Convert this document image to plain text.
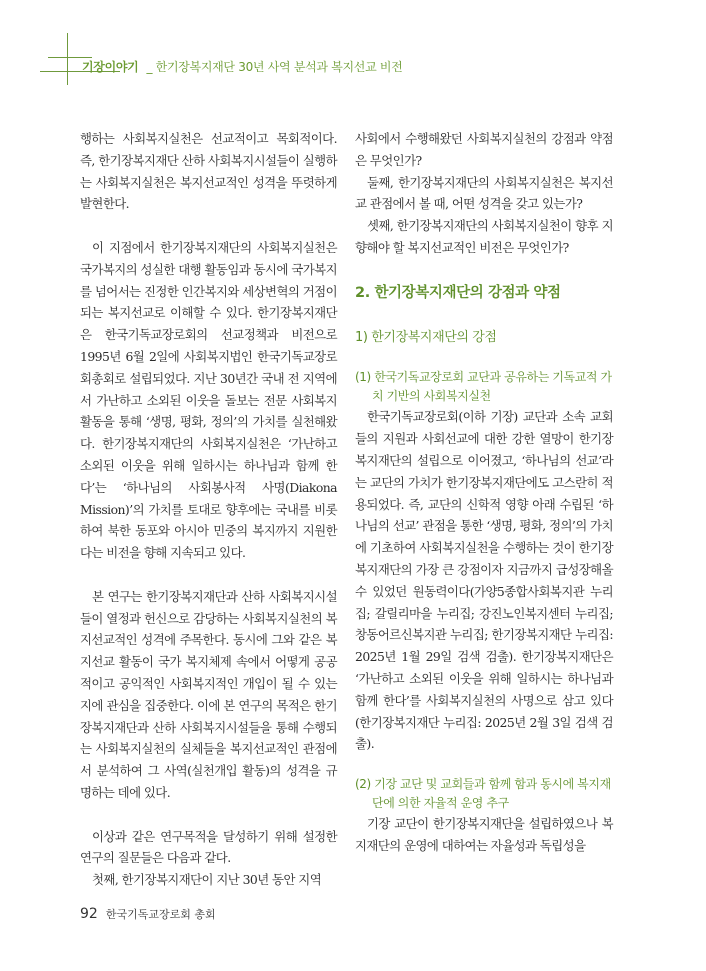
기장이야기 _ 한기장복지재단 30년 사역 분석과 복지선교 비전

행하는 사회복지실천은 선교적이고 목회적이다. 즉, 한기장복지재단 산하 사회복지시설들이 실행하는 사회복지실천은 복지선교적인 성격을 뚜렷하게 발현한다.

이 지점에서 한기장복지재단의 사회복지실천은 국가복지의 성실한 대행 활동임과 동시에 국가복지를 넘어서는 진정한 인간복지와 세상변혁의 거점이 되는 복지선교로 이해할 수 있다. 한기장복지재단은 한국기독교장로회의 선교정책과 비전으로 1995년 6월 2일에 사회복지법인 한국기독교장로회총회로 설립되었다. 지난 30년간 국내 전 지역에서 가난하고 소외된 이웃을 돌보는 전문 사회복지 활동을 통해 ‘생명, 평화, 정의’의 가치를 실천해왔다. 한기장복지재단의 사회복지실천은 ‘가난하고 소외된 이웃을 위해 일하시는 하나님과 함께 한다’는 ‘하나님의 사회봉사적 사명(Diakona Mission)’의 가치를 토대로 향후에는 국내를 비롯하여 북한 동포와 아시아 민중의 복지까지 지원한다는 비전을 향해 지속되고 있다.

본 연구는 한기장복지재단과 산하 사회복지시설들이 열정과 헌신으로 감당하는 사회복지실천의 복지선교적인 성격에 주목한다. 동시에 그와 같은 복지선교 활동이 국가 복지체제 속에서 어떻게 공공적이고 공익적인 사회복지적인 개입이 될 수 있는지에 관심을 집중한다. 이에 본 연구의 목적은 한기장복지재단과 산하 사회복지시설들을 통해 수행되는 사회복지실천의 실체들을 복지선교적인 관점에서 분석하여 그 사역(실천개입 활동)의 성격을 규명하는 데에 있다.

이상과 같은 연구목적을 달성하기 위해 설정한 연구의 질문들은 다음과 같다.

첫째, 한기장복지재단이 지난 30년 동안 지역

사회에서 수행해왔던 사회복지실천의 강점과 약점은 무엇인가?

둘째, 한기장복지재단의 사회복지실천은 복지선교 관점에서 볼 때, 어떤 성격을 갖고 있는가?

셋째, 한기장복지재단의 사회복지실천이 향후 지향해야 할 복지선교적인 비전은 무엇인가?

2. 한기장복지재단의 강점과 약점
1) 한기장복지재단의 강점
(1) 한국기독교장로회 교단과 공유하는 기독교적 가치 기반의 사회복지실천

한국기독교장로회(이하 기장) 교단과 소속 교회들의 지원과 사회선교에 대한 강한 열망이 한기장복지재단의 설립으로 이어졌고, ‘하나님의 선교’라는 교단의 가치가 한기장복지재단에도 고스란히 적용되었다. 즉, 교단의 신학적 영향 아래 수립된 ‘하나님의 선교’ 관점을 통한 ‘생명, 평화, 정의’의 가치에 기초하여 사회복지실천을 수행하는 것이 한기장복지재단의 가장 큰 강점이자 지금까지 급성장해올 수 있었던 원동력이다(가양5종합사회복지관 누리집; 갈릴리마을 누리집; 강진노인복지센터 누리집; 창동어르신복지관 누리집; 한기장복지재단 누리집: 2025년 1월 29일 검색 검출). 한기장복지재단은 ‘가난하고 소외된 이웃을 위해 일하시는 하나님과 함께 한다’를 사회복지실천의 사명으로 삼고 있다(한기장복지재단 누리집: 2025년 2월 3일 검색 검출).

(2) 기장 교단 및 교회들과 함께 함과 동시에 복지재단에 의한 자율적 운영 추구

기장 교단이 한기장복지재단을 설립하였으나 복지재단의 운영에 대하여는 자율성과 독립성을

92 한국기독교장로회 총회
